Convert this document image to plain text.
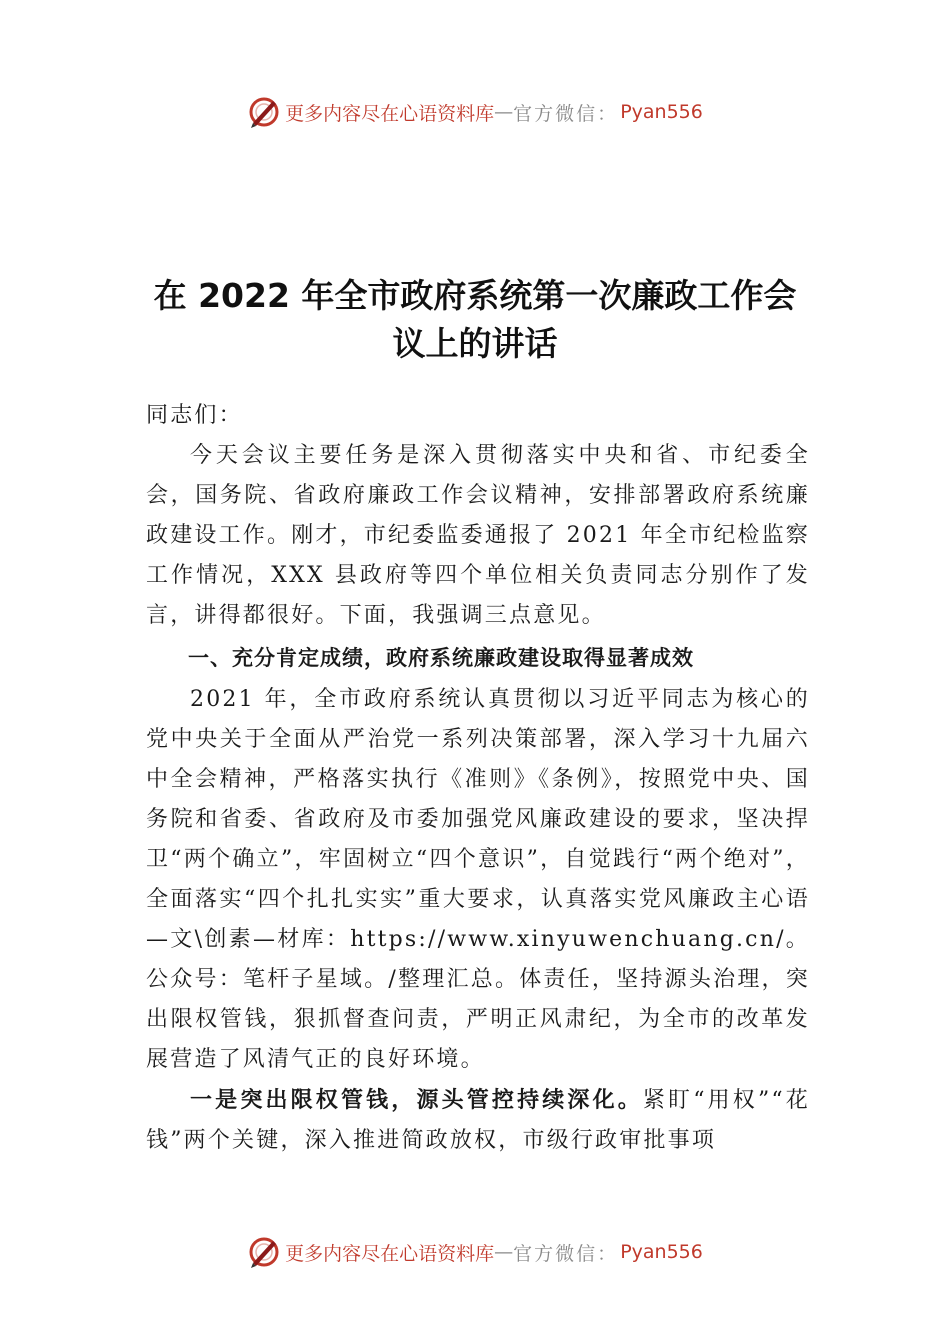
更多内容尽在心语资料库 — 官方微信： Pyan556
在 2022 年全市政府系统第一次廉政工作会议上的讲话

同志们：

今天会议主要任务是深入贯彻落实中央和省、市纪委全会，国务院、省政府廉政工作会议精神，安排部署政府系统廉政建设工作。刚才，市纪委监委通报了 2021 年全市纪检监察工作情况，XXX 县政府等四个单位相关负责同志分别作了发言，讲得都很好。下面，我强调三点意见。

一、充分肯定成绩，政府系统廉政建设取得显著成效

2021 年，全市政府系统认真贯彻以习近平同志为核心的党中央关于全面从严治党一系列决策部署，深入学习十九届六中全会精神，严格落实执行《准则》《条例》，按照党中央、国务院和省委、省政府及市委加强党风廉政建设的要求，坚决捍卫“两个确立”，牢固树立“四个意识”，自觉践行“两个绝对”，全面落实“四个扎扎实实”重大要求，认真落实党风廉政主心语—文\创素—材库：https://www.xinyuwenchuang.cn/。公众号：笔杆子星域。/整理汇总。体责任，坚持源头治理，突出限权管钱，狠抓督查问责，严明正风肃纪，为全市的改革发展营造了风清气正的良好环境。

一是突出限权管钱，源头管控持续深化。紧盯“用权”“花钱”两个关键，深入推进简政放权，市级行政审批事项

更多内容尽在心语资料库 — 官方微信： Pyan556
